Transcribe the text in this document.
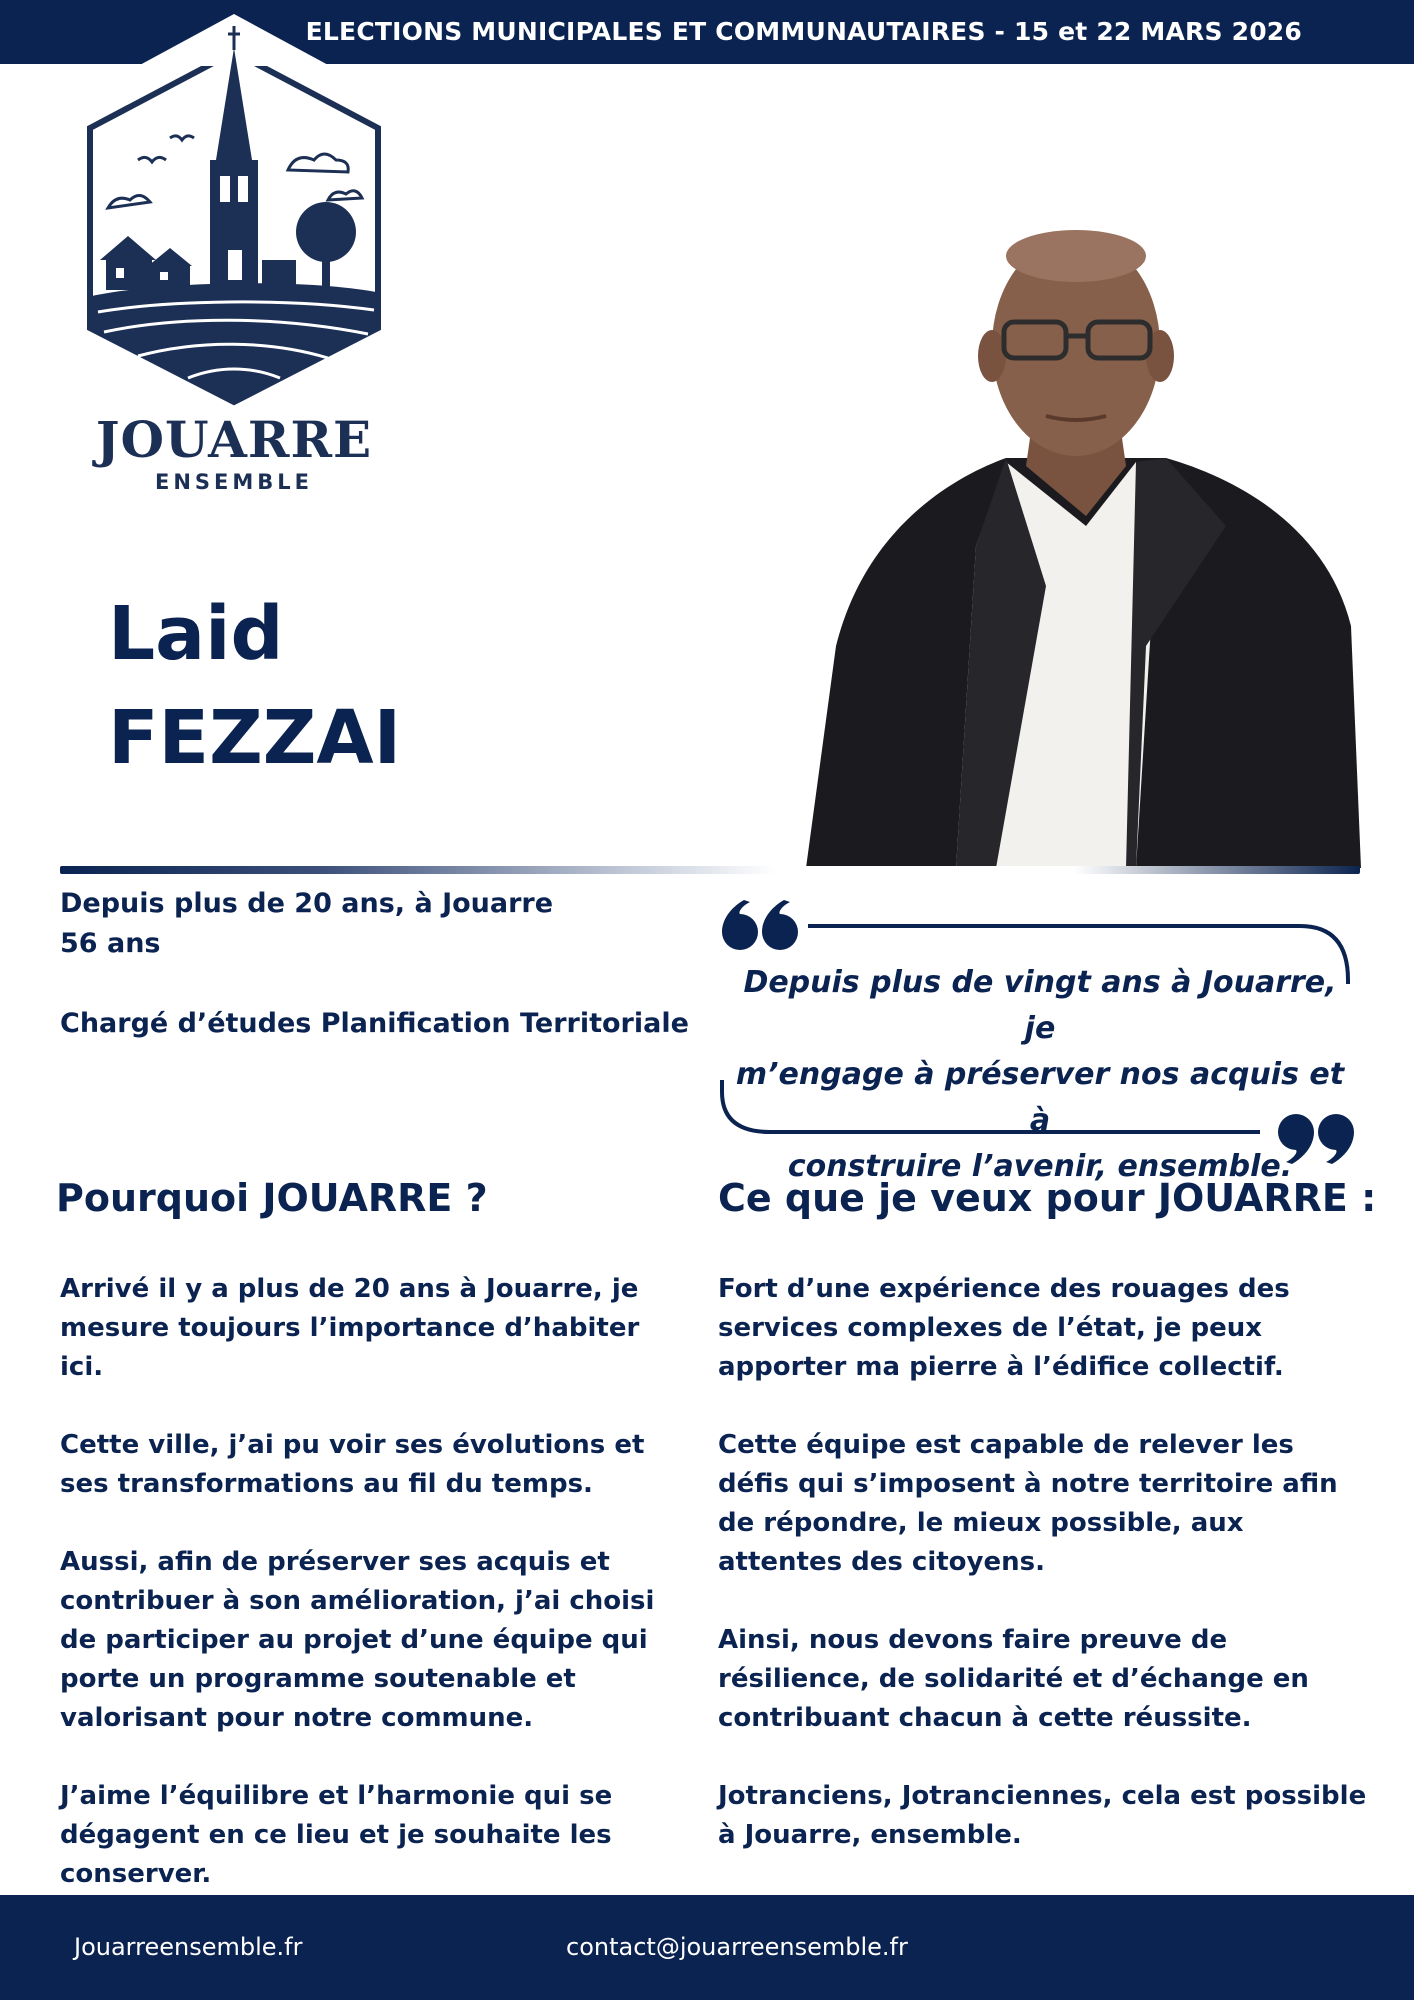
ELECTIONS MUNICIPALES ET COMMUNAUTAIRES - 15 et 22 MARS 2026
JOUARRE
ENSEMBLE
Laid
FEZZAI
Depuis plus de 20 ans, à Jouarre
56 ans
Chargé d’études Planification Territoriale
Depuis plus de vingt ans à Jouarre, je
m’engage à préserver nos acquis et à
construire l’avenir, ensemble.
Pourquoi JOUARRE ?	Ce que je veux pour JOUARRE :

Arrivé il y a plus de 20 ans à Jouarre, je mesure toujours l’importance d’habiter ici.

Cette ville, j’ai pu voir ses évolutions et ses transformations au fil du temps.

Aussi, afin de préserver ses acquis et contribuer à son amélioration, j’ai choisi de participer au projet d’une équipe qui porte un programme soutenable et valorisant pour notre commune.

J’aime l’équilibre et l’harmonie qui se dégagent en ce lieu et je souhaite les conserver.

Fort d’une expérience des rouages des services complexes de l’état, je peux apporter ma pierre à l’édifice collectif.

Cette équipe est capable de relever les défis qui s’imposent à notre territoire afin de répondre, le mieux possible, aux attentes des citoyens.

Ainsi, nous devons faire preuve de résilience, de solidarité et d’échange en contribuant chacun à cette réussite.

Jotranciens, Jotranciennes, cela est possible à Jouarre, ensemble.

Jouarreensemble.fr	contact@jouarreensemble.fr
